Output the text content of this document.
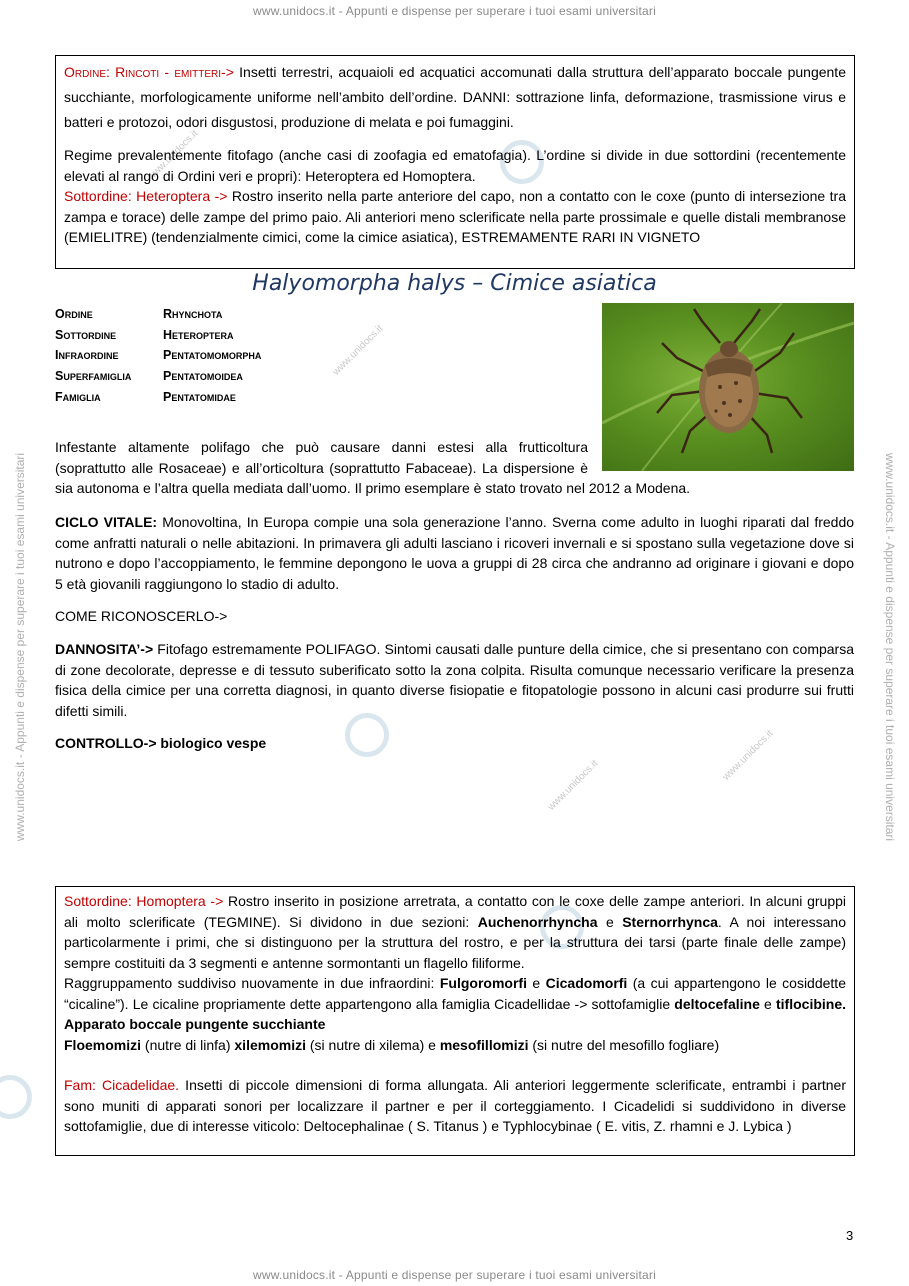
www.unidocs.it - Appunti e dispense per superare i tuoi esami universitari
www.unidocs.it - Appunti e dispense per superare i tuoi esami universitari
www.unidocs.it - Appunti e dispense per superare i tuoi esami universitari	www.unidocs.it - Appunti e dispense per superare i tuoi esami universitari
www.unidocs.it
www.unidocs.it
www.unidocs.it
www.unidocs.it

Ordine: Rincoti - emitteri-> Insetti terrestri, acquaioli ed acquatici accomunati dalla struttura dell’apparato boccale pungente succhiante, morfologicamente uniforme nell’ambito dell’ordine. DANNI: sottrazione linfa, deformazione, trasmissione virus e batteri e protozoi, odori disgustosi, produzione di melata e poi fumaggini.

Regime prevalentemente fitofago (anche casi di zoofagia ed ematofagia). L’ordine si divide in due sottordini (recentemente elevati al rango di Ordini veri e propri): Heteroptera ed Homoptera.

Sottordine: Heteroptera -> Rostro inserito nella parte anteriore del capo, non a contatto con le coxe (punto di intersezione tra zampa e torace) delle zampe del primo paio. Ali anteriori meno sclerificate nella parte prossimale e quelle distali membranose (EMIELITRE) (tendenzialmente cimici, come la cimice asiatica), ESTREMAMENTE RARI IN VIGNETO

Halyomorpha halys – Cimice asiatica
Ordine	Rhynchota
Sottordine	Heteroptera
Infraordine	Pentatomomorpha
Superfamiglia	Pentatomoidea
Famiglia	Pentatomidae
Infestante altamente polifago che può causare danni estesi alla frutticoltura (soprattutto alle Rosaceae) e all’orticoltura (soprattutto Fabaceae). La dispersione è sia autonoma e l’altra quella mediata dall’uomo. Il primo esemplare è stato trovato nel 2012 a Modena.
CICLO VITALE: Monovoltina, In Europa compie una sola generazione l’anno. Sverna come adulto in luoghi riparati dal freddo come anfratti naturali o nelle abitazioni. In primavera gli adulti lasciano i ricoveri invernali e si spostano sulla vegetazione dove si nutrono e dopo l’accoppiamento, le femmine depongono le uova a gruppi di 28 circa che andranno ad originare i giovani e dopo 5 età giovanili raggiungono lo stadio di adulto.
COME RICONOSCERLO->
DANNOSITA’-> Fitofago estremamente POLIFAGO. Sintomi causati dalle punture della cimice, che si presentano con comparsa di zone decolorate, depresse e di tessuto suberificato sotto la zona colpita. Risulta comunque necessario verificare la presenza fisica della cimice per una corretta diagnosi, in quanto diverse fisiopatie e fitopatologie possono in alcuni casi produrre sui frutti difetti simili.
CONTROLLO-> biologico vespe

Sottordine: Homoptera -> Rostro inserito in posizione arretrata, a contatto con le coxe delle zampe anteriori. In alcuni gruppi ali molto sclerificate (TEGMINE). Si dividono in due sezioni: Auchenorrhyncha e Sternorrhynca. A noi interessano particolarmente i primi, che si distinguono per la struttura del rostro, e per la struttura dei tarsi (parte finale delle zampe) sempre costituiti da 3 segmenti e antenne sormontanti un flagello filiforme.

Raggruppamento suddiviso nuovamente in due infraordini: Fulgoromorfi e Cicadomorfi (a cui appartengono le cosiddette “cicaline”). Le cicaline propriamente dette appartengono alla famiglia Cicadellidae -> sottofamiglie deltocefaline e tiflocibine. Apparato boccale pungente succhiante

Floemomizi (nutre di linfa) xilemomizi (si nutre di xilema) e mesofillomizi (si nutre del mesofillo fogliare)

Fam: Cicadelidae. Insetti di piccole dimensioni di forma allungata. Ali anteriori leggermente sclerificate, entrambi i partner sono muniti di apparati sonori per localizzare il partner e per il corteggiamento. I Cicadelidi si suddividono in diverse sottofamiglie, due di interesse viticolo: Deltocephalinae ( S. Titanus ) e Typhlocybinae ( E. vitis, Z. rhamni e J. Lybica )

3
